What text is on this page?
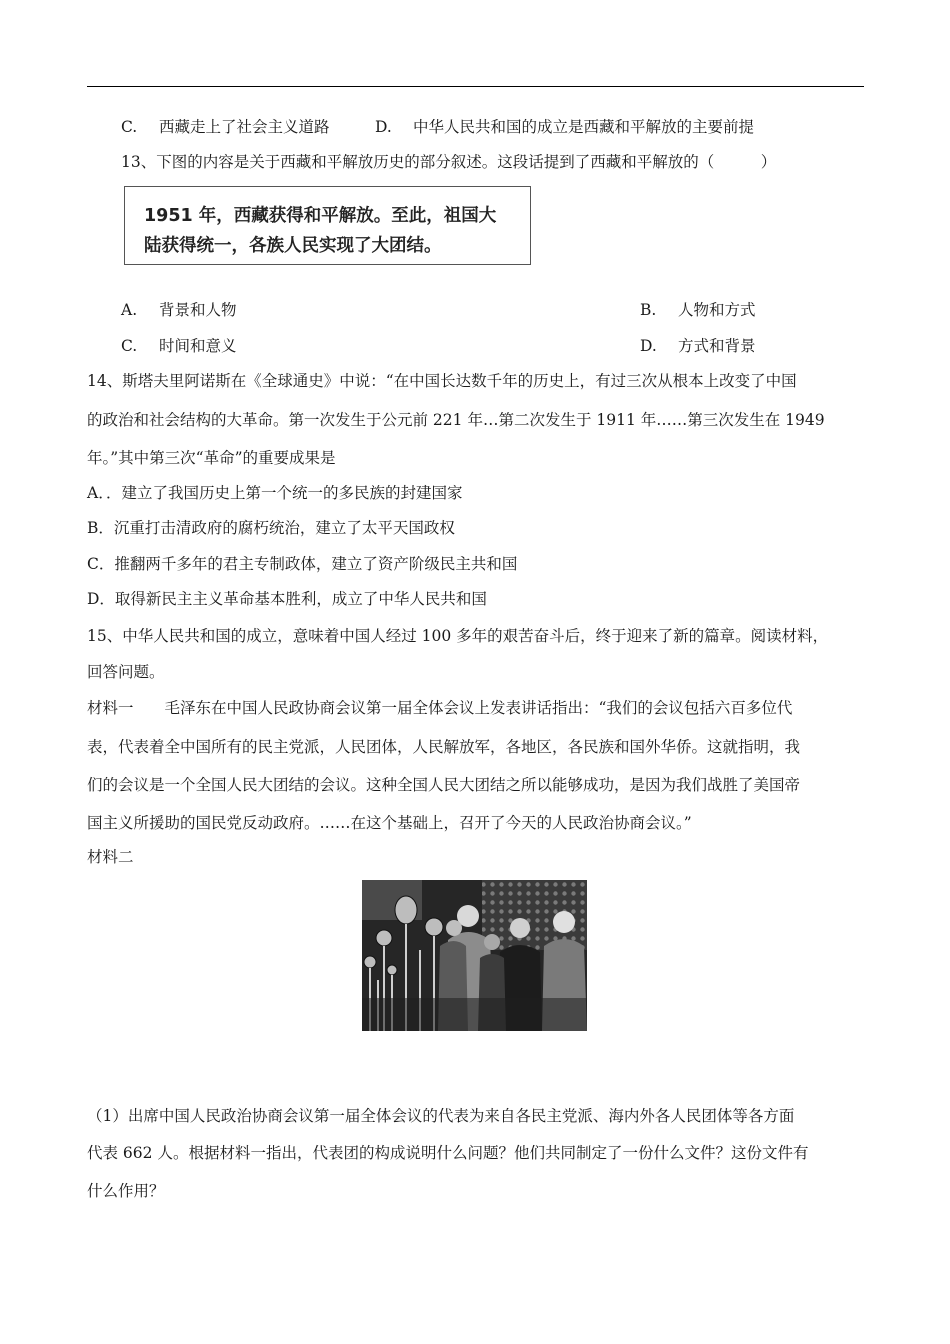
C. 西藏走上了社会主义道路	D. 中华人民共和国的成立是西藏和平解放的主要前提
13、下图的内容是关于西藏和平解放历史的部分叙述。这段话提到了西藏和平解放的（　　　）
1951 年，西藏获得和平解放。至此，祖国大
陆获得统一，各族人民实现了大团结。
A. 背景和人物	B. 人物和方式
C. 时间和意义	D. 方式和背景
14、斯塔夫里阿诺斯在《全球通史》中说：“在中国长达数千年的历史上，有过三次从根本上改变了中国
的政治和社会结构的大革命。第一次发生于公元前 221 年…第二次发生于 1911 年……第三次发生在 1949
年。”其中第三次“革命”的重要成果是
A．．建立了我国历史上第一个统一的多民族的封建国家
B．沉重打击清政府的腐朽统治，建立了太平天国政权
C．推翻两千多年的君主专制政体，建立了资产阶级民主共和国
D．取得新民主主义革命基本胜利，成立了中华人民共和国
15、中华人民共和国的成立，意味着中国人经过 100 多年的艰苦奋斗后，终于迎来了新的篇章。阅读材料，
回答问题。
材料一　　毛泽东在中国人民政协商会议第一届全体会议上发表讲话指出：“我们的会议包括六百多位代
表，代表着全中国所有的民主党派，人民团体，人民解放军，各地区，各民族和国外华侨。这就指明，我
们的会议是一个全国人民大团结的会议。这种全国人民大团结之所以能够成功，是因为我们战胜了美国帝
国主义所援助的国民党反动政府。……在这个基础上，召开了今天的人民政治协商会议。”
材料二
（1）出席中国人民政治协商会议第一届全体会议的代表为来自各民主党派、海内外各人民团体等各方面
代表 662 人。根据材料一指出，代表团的构成说明什么问题？他们共同制定了一份什么文件？这份文件有
什么作用？
